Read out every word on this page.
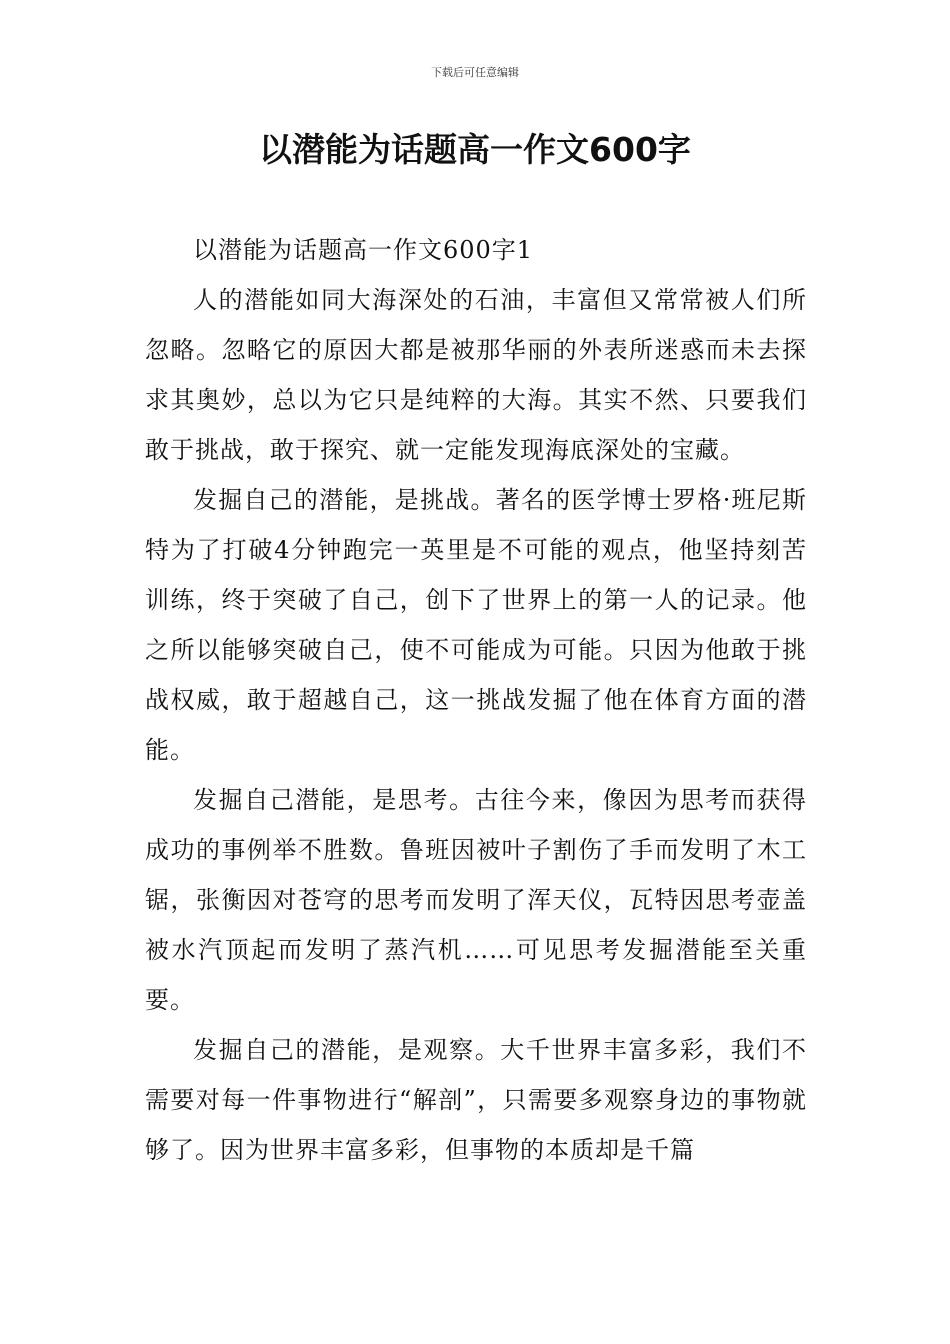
下载后可任意编辑
以潜能为话题高一作文600字

以潜能为话题高一作文600字1

人的潜能如同大海深处的石油，丰富但又常常被人们所忽略。忽略它的原因大都是被那华丽的外表所迷惑而未去探求其奥妙，总以为它只是纯粹的大海。其实不然、只要我们敢于挑战，敢于探究、就一定能发现海底深处的宝藏。

发掘自己的潜能，是挑战。著名的医学博士罗格·班尼斯特为了打破4分钟跑完一英里是不可能的观点，他坚持刻苦训练，终于突破了自己，创下了世界上的第一人的记录。他之所以能够突破自己，使不可能成为可能。只因为他敢于挑战权威，敢于超越自己，这一挑战发掘了他在体育方面的潜能。

发掘自己潜能，是思考。古往今来，像因为思考而获得成功的事例举不胜数。鲁班因被叶子割伤了手而发明了木工锯，张衡因对苍穹的思考而发明了浑天仪，瓦特因思考壶盖被水汽顶起而发明了蒸汽机……可见思考发掘潜能至关重要。

发掘自己的潜能，是观察。大千世界丰富多彩，我们不需要对每一件事物进行“解剖”，只需要多观察身边的事物就够了。因为世界丰富多彩，但事物的本质却是千篇
